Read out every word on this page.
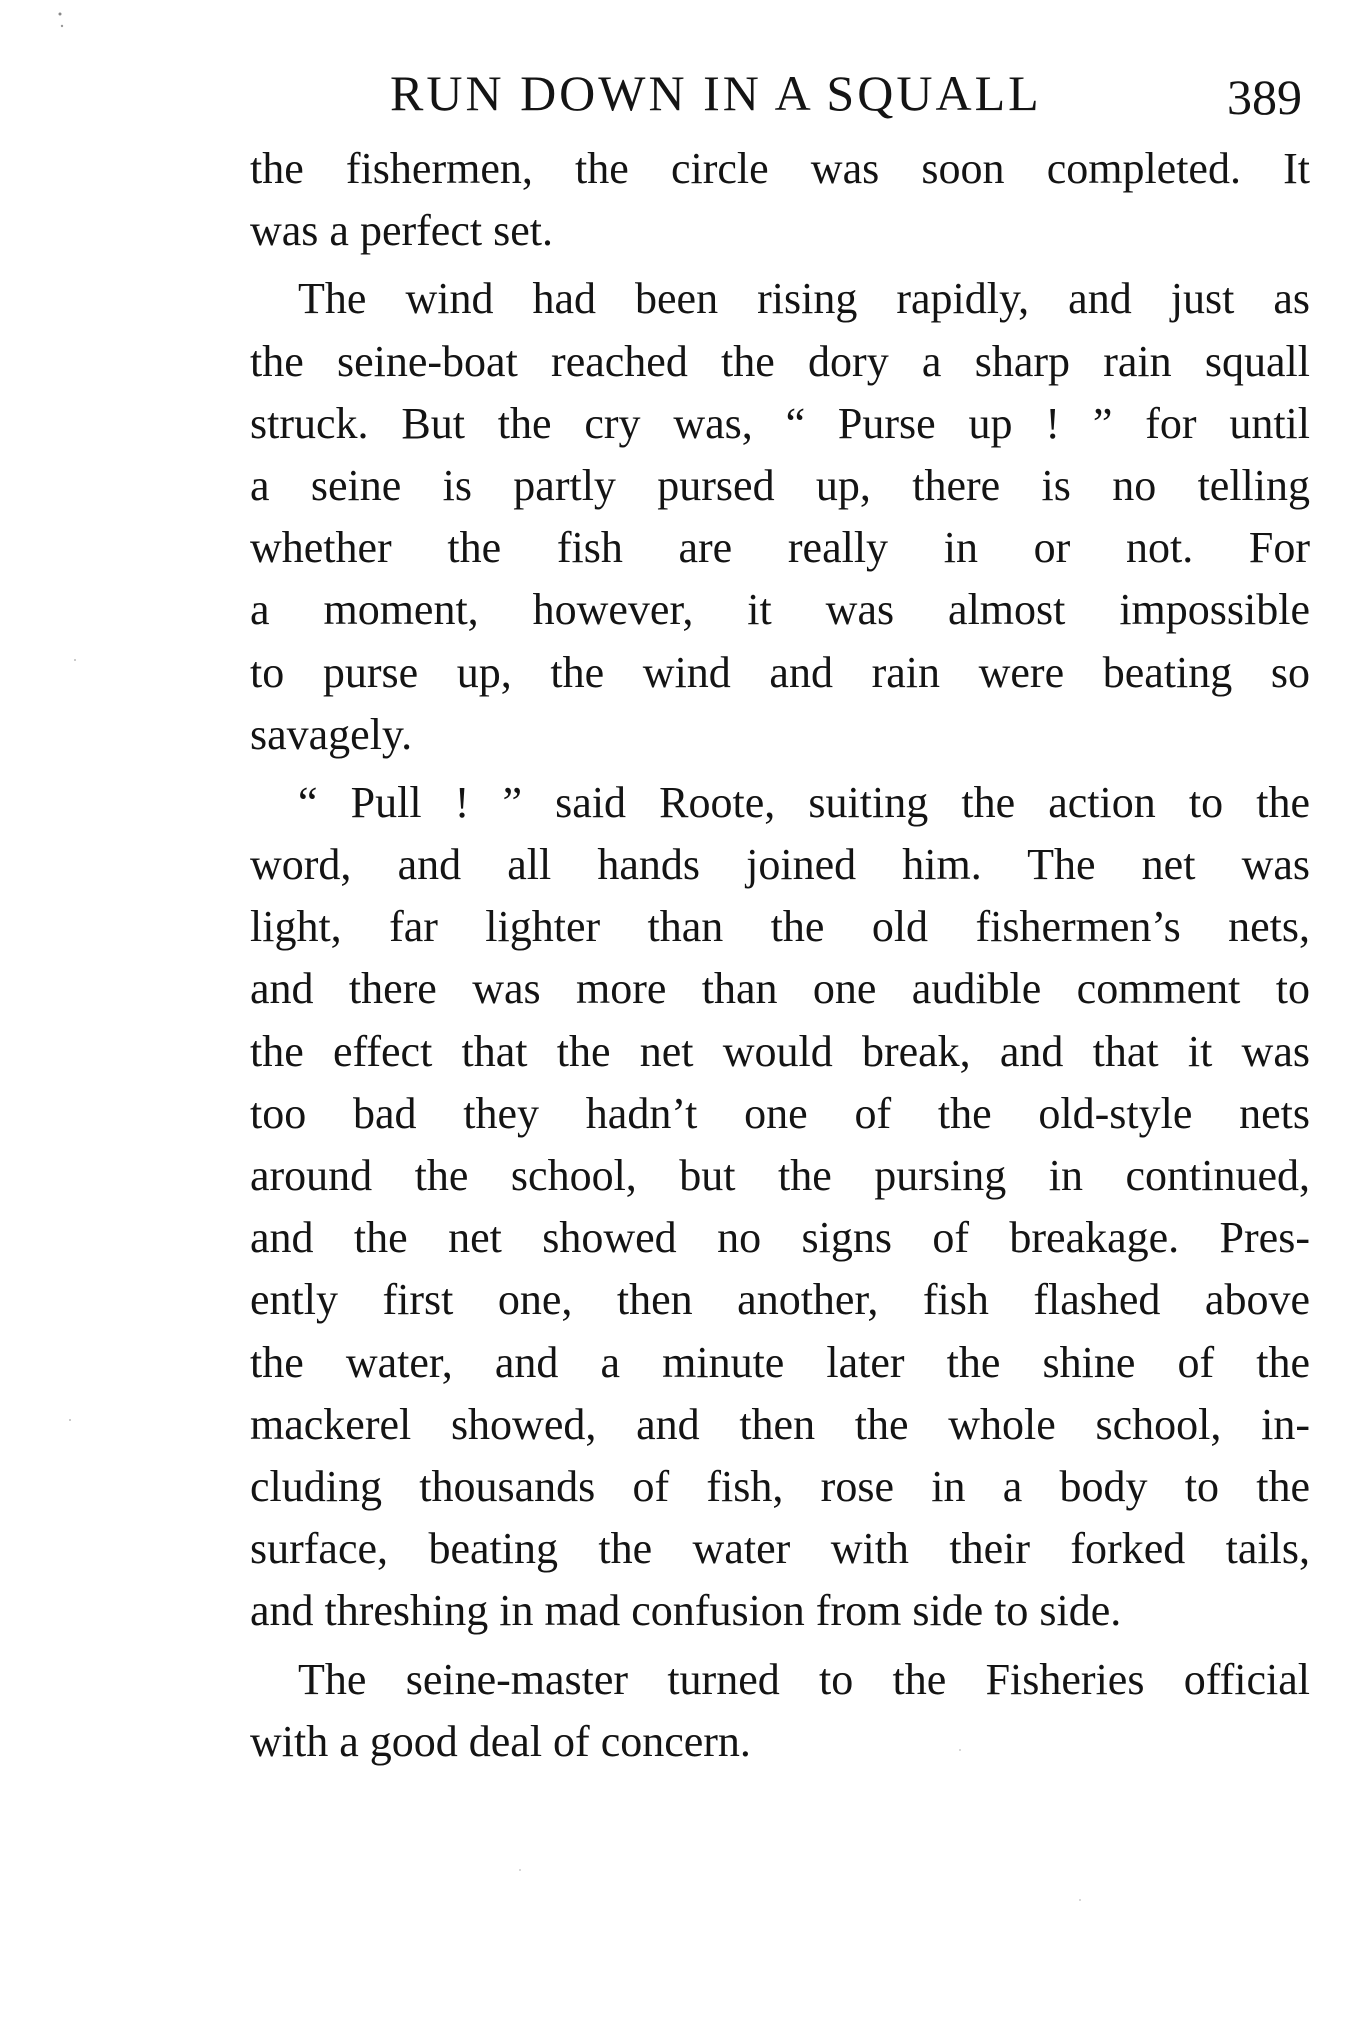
RUN DOWN IN A SQUALL	389
the fishermen, the circle was soon completed. It
was a perfect set.
The wind had been rising rapidly, and just as
the seine-boat reached the dory a sharp rain squall
struck. But the cry was, “ Purse up ! ” for until
a seine is partly pursed up, there is no telling
whether the fish are really in or not. For
a moment, however, it was almost impossible
to purse up, the wind and rain were beating so
savagely.
“ Pull ! ” said Roote, suiting the action to the
word, and all hands joined him. The net was
light, far lighter than the old fishermen’s nets,
and there was more than one audible comment to
the effect that the net would break, and that it was
too bad they hadn’t one of the old-style nets
around the school, but the pursing in continued,
and the net showed no signs of breakage. Pres-
ently first one, then another, fish flashed above
the water, and a minute later the shine of the
mackerel showed, and then the whole school, in-
cluding thousands of fish, rose in a body to the
surface, beating the water with their forked tails,
and threshing in mad confusion from side to side.
The seine-master turned to the Fisheries official
with a good deal of concern.
